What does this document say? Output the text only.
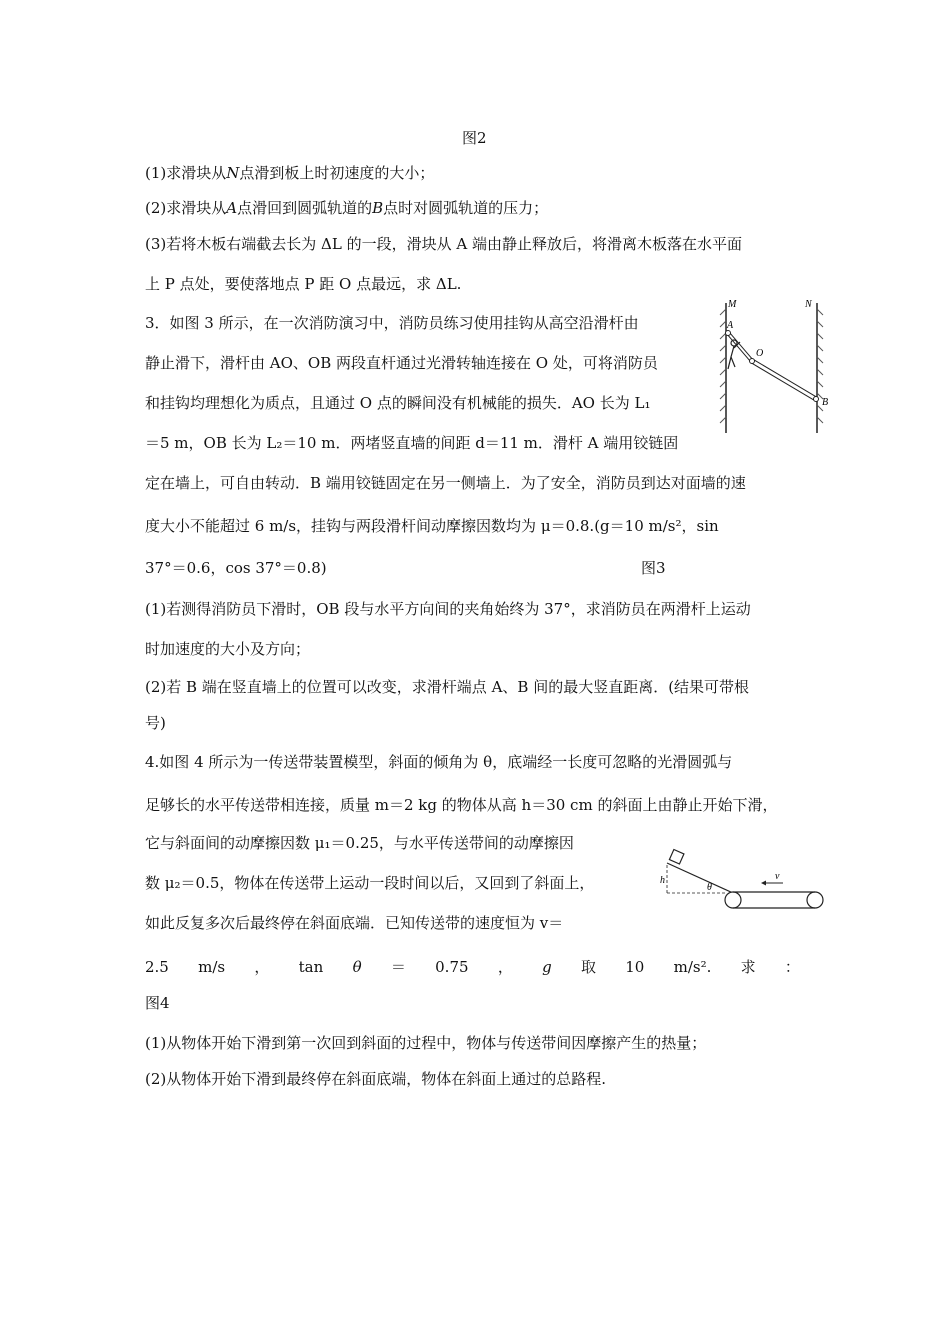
图2
(1)求滑块从N点滑到板上时初速度的大小；
(2)求滑块从A点滑回到圆弧轨道的B点时对圆弧轨道的压力；
(3)若将木板右端截去长为 ΔL 的一段，滑块从 A 端由静止释放后，将滑离木板落在水平面
上 P 点处，要使落地点 P 距 O 点最远，求 ΔL.
3．如图 3 所示，在一次消防演习中，消防员练习使用挂钩从高空沿滑杆由
静止滑下，滑杆由 AO、OB 两段直杆通过光滑转轴连接在 O 处，可将消防员
和挂钩均理想化为质点，且通过 O 点的瞬间没有机械能的损失．AO 长为 L₁
＝5 m，OB 长为 L₂＝10 m．两堵竖直墙的间距 d＝11 m．滑杆 A 端用铰链固
定在墙上，可自由转动．B 端用铰链固定在另一侧墙上．为了安全，消防员到达对面墙的速
度大小不能超过 6 m/s，挂钩与两段滑杆间动摩擦因数均为 μ＝0.8.(g＝10 m/s²，sin
37°＝0.6，cos 37°＝0.8)	图3
(1)若测得消防员下滑时，OB 段与水平方向间的夹角始终为 37°，求消防员在两滑杆上运动
时加速度的大小及方向；
(2)若 B 端在竖直墙上的位置可以改变，求滑杆端点 A、B 间的最大竖直距离．(结果可带根
号)
M	N
A
O
B
4.如图 4 所示为一传送带装置模型，斜面的倾角为 θ，底端经一长度可忽略的光滑圆弧与
足够长的水平传送带相连接，质量 m＝2 kg 的物体从高 h＝30 cm 的斜面上由静止开始下滑，
它与斜面间的动摩擦因数 μ₁＝0.25，与水平传送带间的动摩擦因
数 μ₂＝0.5，物体在传送带上运动一段时间以后，又回到了斜面上，
如此反复多次后最终停在斜面底端．已知传送带的速度恒为 v＝
2.5 m/s ， tan θ ＝ 0.75 ， g 取 10 m/s². 求 ：
图4
(1)从物体开始下滑到第一次回到斜面的过程中，物体与传送带间因摩擦产生的热量；
(2)从物体开始下滑到最终停在斜面底端，物体在斜面上通过的总路程.
h
θ
v
